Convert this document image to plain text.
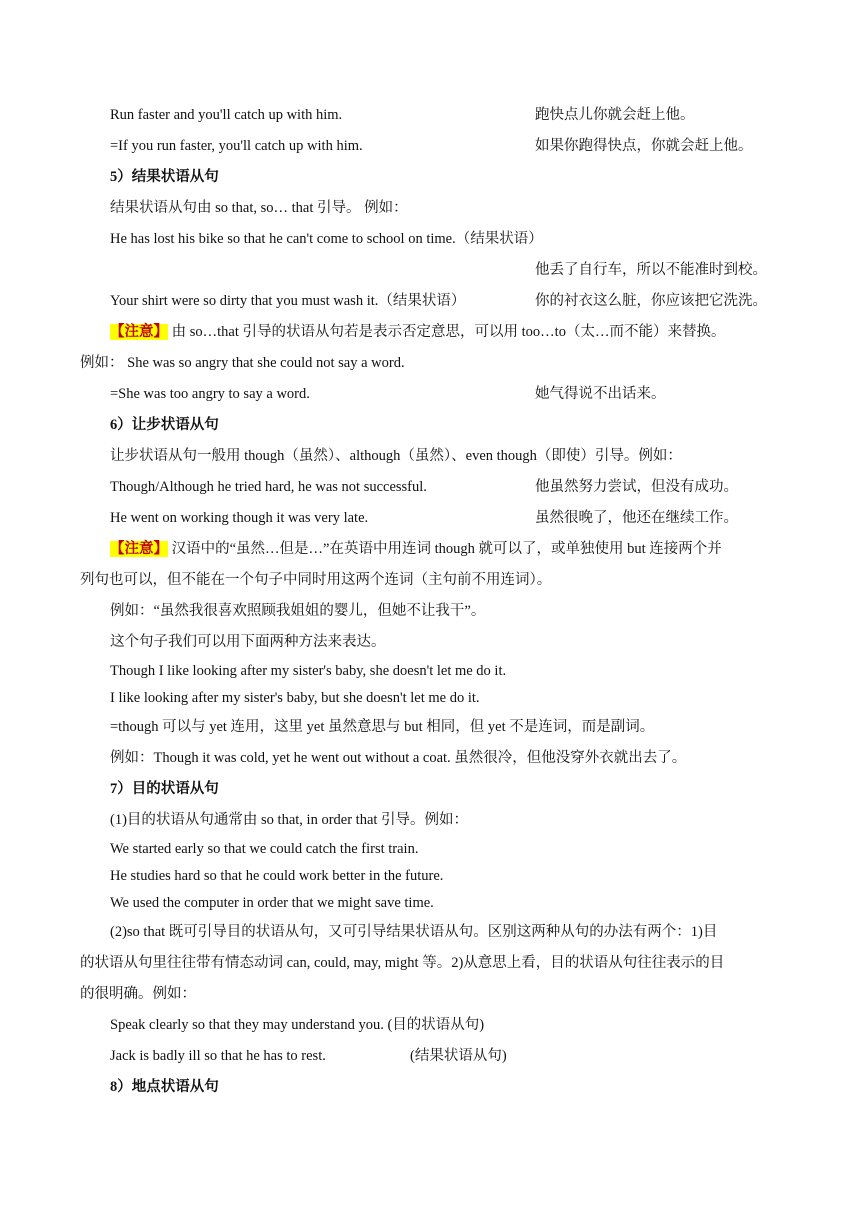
Run faster and you'll catch up with him.	跑快点儿你就会赶上他。
=If you run faster, you'll catch up with him.	如果你跑得快点，你就会赶上他。
5）结果状语从句
结果状语从句由 so that, so… that 引导。 例如：
He has lost his bike so that he can't come to school on time.（结果状语）
他丢了自行车，所以不能准时到校。
Your shirt were so dirty that you must wash it.（结果状语）	你的衬衣这么脏，你应该把它洗洗。
【注意】 由 so…that 引导的状语从句若是表示否定意思，可以用 too…to（太…而不能）来替换。
例如： She was so angry that she could not say a word.
=She was too angry to say a word.	她气得说不出话来。
6）让步状语从句
让步状语从句一般用 though（虽然）、although（虽然）、even though（即使）引导。例如：
Though/Although he tried hard, he was not successful.	他虽然努力尝试，但没有成功。
He went on working though it was very late.	虽然很晚了，他还在继续工作。
【注意】 汉语中的“虽然…但是…”在英语中用连词 though 就可以了，或单独使用 but 连接两个并
列句也可以，但不能在一个句子中同时用这两个连词（主句前不用连词）。
例如：“虽然我很喜欢照顾我姐姐的婴儿，但她不让我干”。
这个句子我们可以用下面两种方法来表达。
Though I like looking after my sister's baby, she doesn't let me do it.
I like looking after my sister's baby, but she doesn't let me do it.
=though 可以与 yet 连用，这里 yet 虽然意思与 but 相同，但 yet 不是连词，而是副词。
例如：Though it was cold, yet he went out without a coat. 虽然很冷，但他没穿外衣就出去了。
7）目的状语从句
(1)目的状语从句通常由 so that, in order that 引导。例如：
We started early so that we could catch the first train.
He studies hard so that he could work better in the future.
We used the computer in order that we might save time.
(2)so that 既可引导目的状语从句，又可引导结果状语从句。区别这两种从句的办法有两个：1)目
的状语从句里往往带有情态动词 can, could, may, might 等。2)从意思上看，目的状语从句往往表示的目
的很明确。例如：
Speak clearly so that they may understand you. (目的状语从句)
Jack is badly ill so that he has to rest.	(结果状语从句)
8）地点状语从句
